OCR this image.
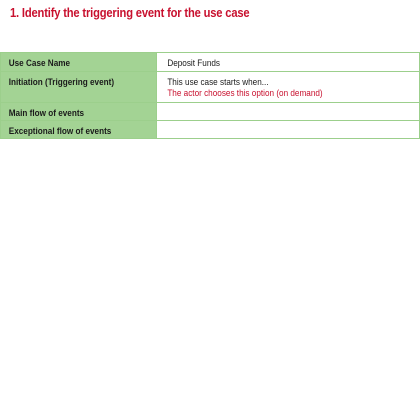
1. Identify the triggering event for the use case
Use Case Name	Deposit Funds
Initiation (Triggering event)	This use case starts when...
The actor chooses this option (on demand)

Main flow of events	
Exceptional flow of events	
